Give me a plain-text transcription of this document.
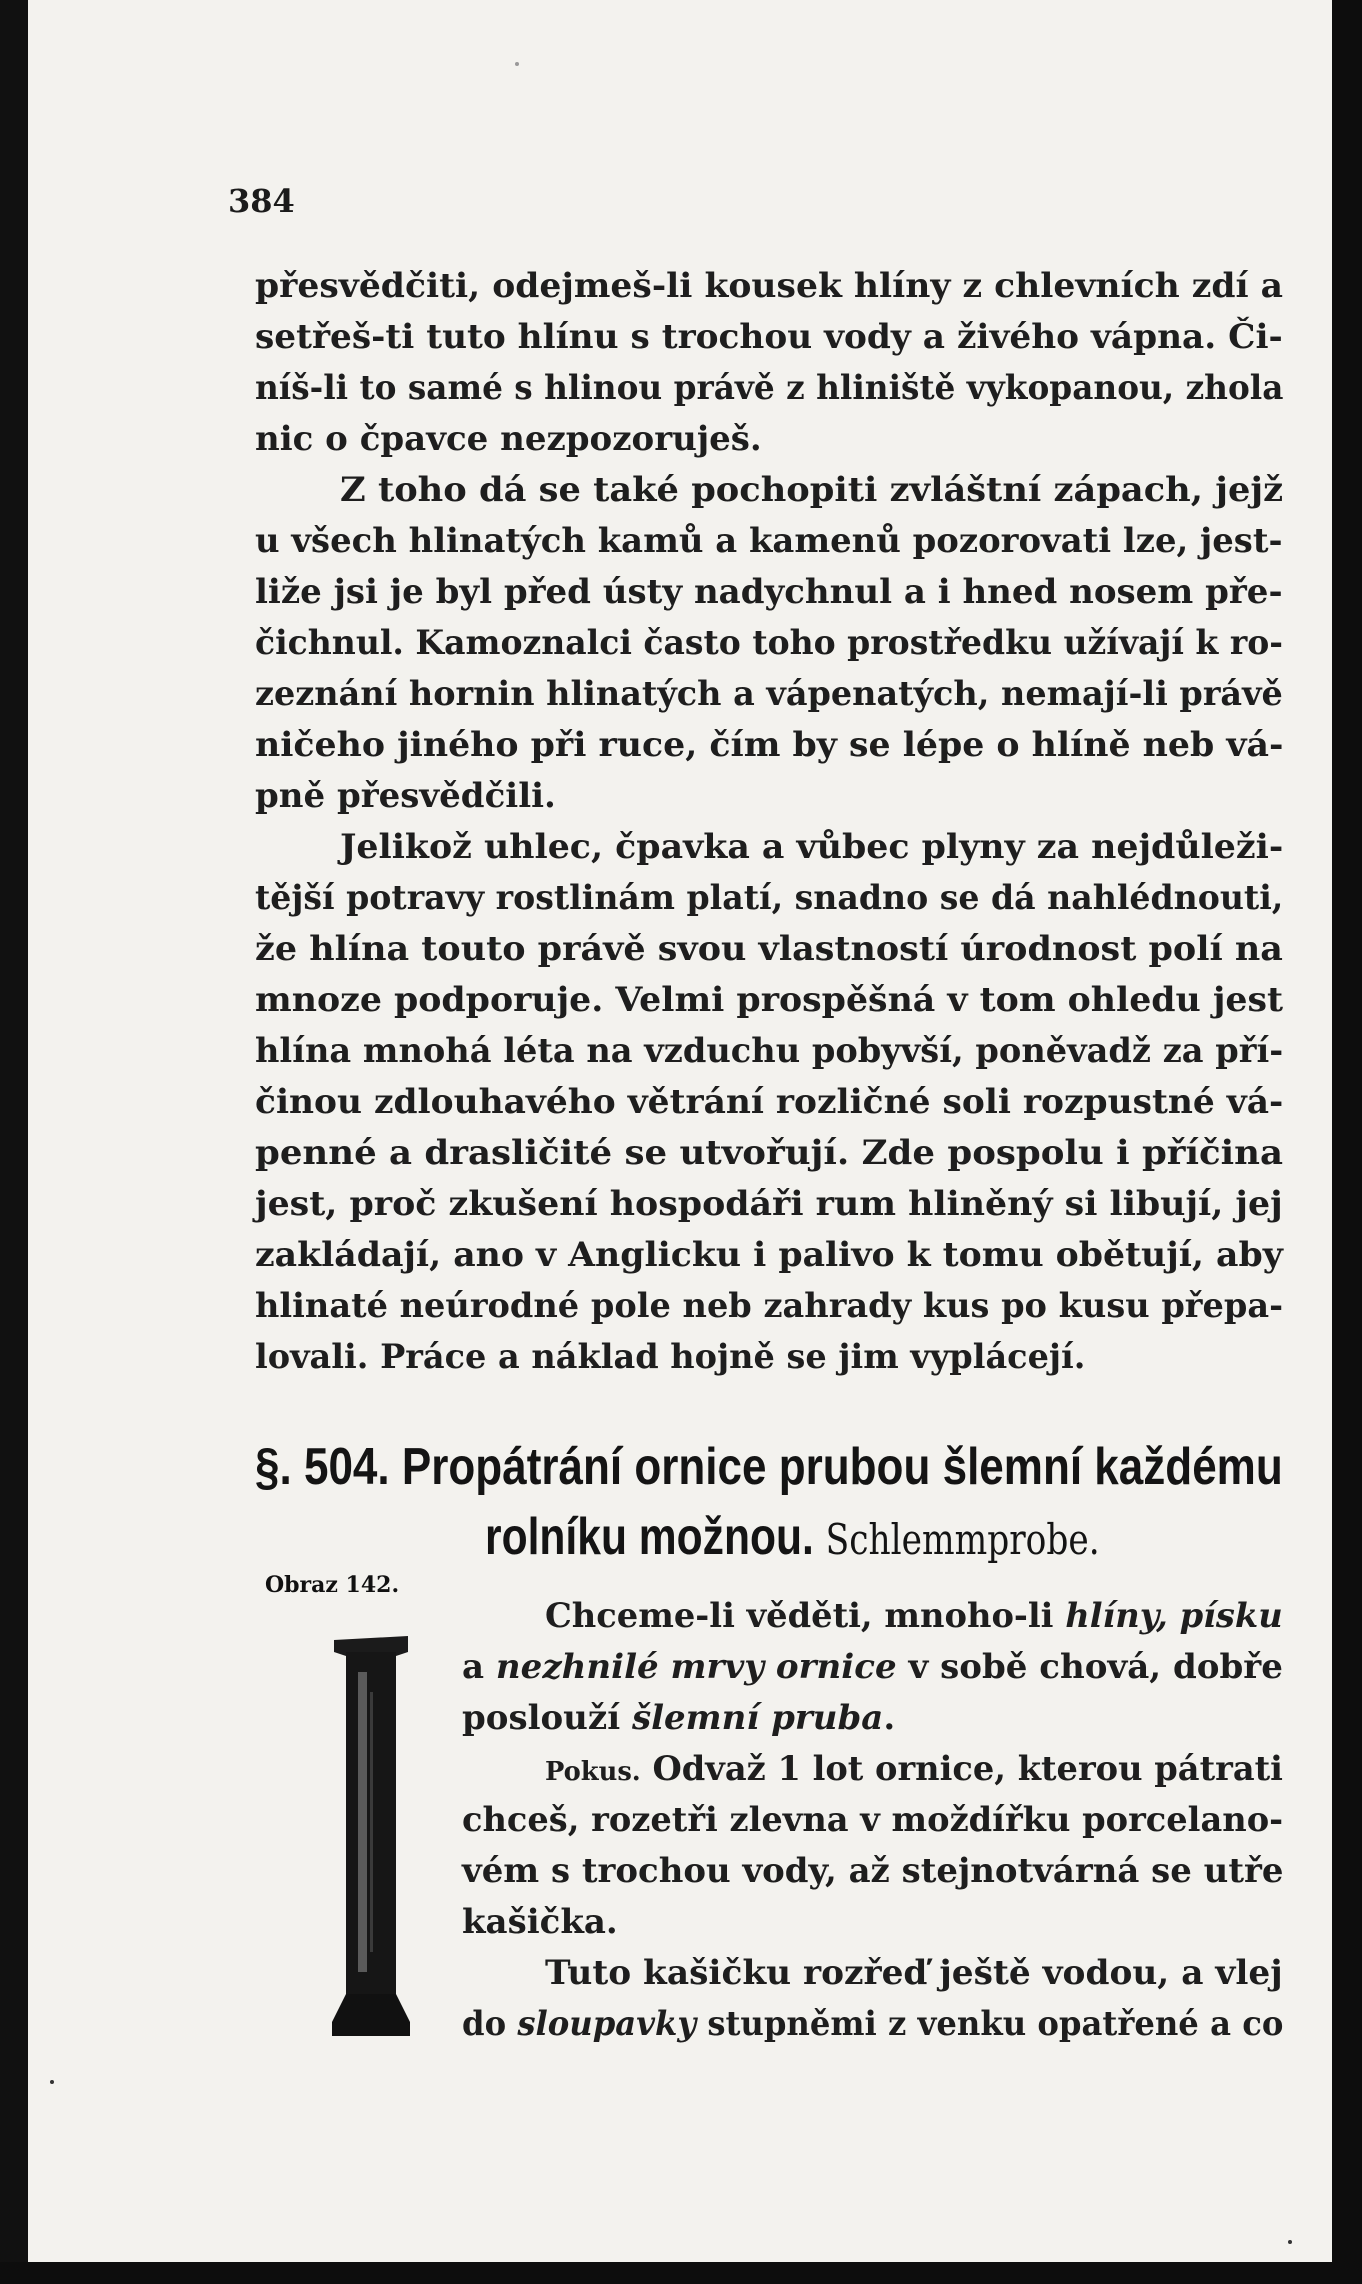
384
přesvědčiti, odejmeš-li kousek hlíny z chlevních zdí a
setřeš-ti tuto hlínu s trochou vody a živého vápna. Či-
níš-li to samé s hlinou právě z hliniště vykopanou, zhola
nic o čpavce nezpozoruješ.
Z toho dá se také pochopiti zvláštní zápach, jejž
u všech hlinatých kamů a kamenů pozorovati lze, jest-
liže jsi je byl před ústy nadychnul a i hned nosem pře-
čichnul. Kamoznalci často toho prostředku užívají k ro-
zeznání hornin hlinatých a vápenatých, nemají-li právě
ničeho jiného při ruce, čím by se lépe o hlíně neb vá-
pně přesvědčili.
Jelikož uhlec, čpavka a vůbec plyny za nejdůleži-
tější potravy rostlinám platí, snadno se dá nahlédnouti,
že hlína touto právě svou vlastností úrodnost polí na
mnoze podporuje. Velmi prospěšná v tom ohledu jest
hlína mnohá léta na vzduchu pobyvší, poněvadž za pří-
činou zdlouhavého větrání rozličné soli rozpustné vá-
penné a drasličité se utvořují. Zde pospolu i příčina
jest, proč zkušení hospodáři rum hliněný si libují, jej
zakládají, ano v Anglicku i palivo k tomu obětují, aby
hlinaté neúrodné pole neb zahrady kus po kusu přepa-
lovali. Práce a náklad hojně se jim vyplácejí.
§. 504. Propátrání ornice prubou šlemní každému
rolníku možnou. Schlemmprobe.
Obraz 142.
Chceme-li věděti, mnoho-li hlíny, písku
a nezhnilé mrvy ornice v sobě chová, dobře
poslouží šlemní pruba.
Pokus. Odvaž 1 lot ornice, kterou pátrati
chceš, rozetři zlevna v moždířku porcelano-
vém s trochou vody, až stejnotvárná se utře
kašička.
Tuto kašičku rozřeď ještě vodou, a vlej
do sloupavky stupněmi z venku opatřené a co
